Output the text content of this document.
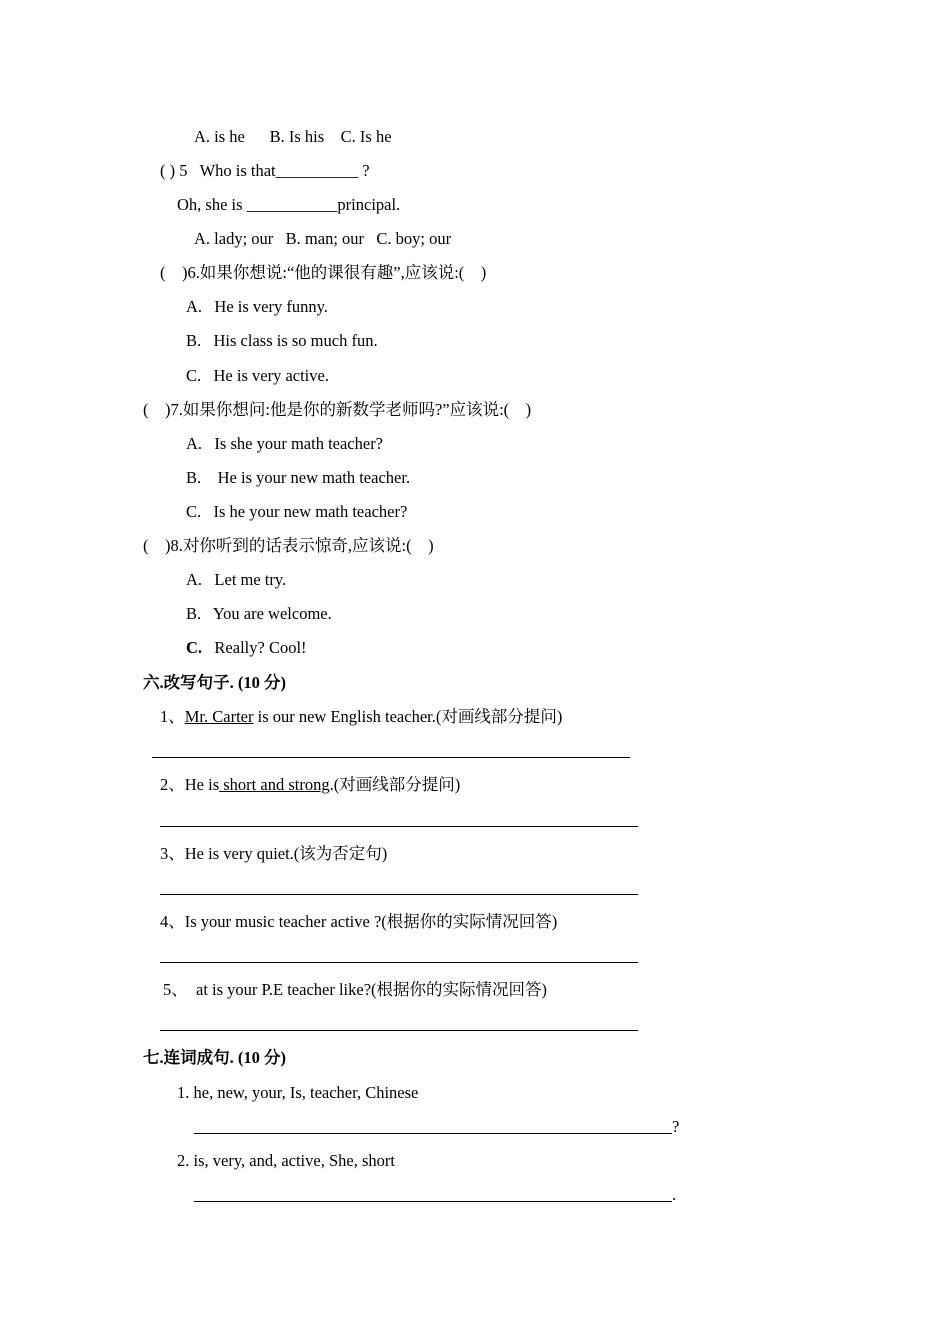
A. is he      B. Is his    C. Is he
( ) 5   Who is that__________ ?
Oh, she is ___________principal.
A. lady; our   B. man; our   C. boy; our
(    )6.如果你想说:“他的课很有趣”,应该说:(    )
A.   He is very funny.
B.   His class is so much fun.
C.   He is very active.
(    )7.如果你想问:他是你的新数学老师吗?”应该说:(    )
A.   Is she your math teacher?
B.    He is your new math teacher.
C.   Is he your new math teacher?
(    )8.对你听到的话表示惊奇,应该说:(    )
A.   Let me try.
B.   You are welcome.
C.   Really? Cool!
六.改写句子. (10 分)
1、Mr. Carter is our new English teacher.(对画线部分提问)
2、He is short and strong.(对画线部分提问)
3、He is very quiet.(该为否定句)
4、Is your music teacher active ?(根据你的实际情况回答)
5、  at is your P.E teacher like?(根据你的实际情况回答)
七.连词成句. (10 分)
1. he, new, your, Is, teacher, Chinese
?
2. is, very, and, active, She, short
.
